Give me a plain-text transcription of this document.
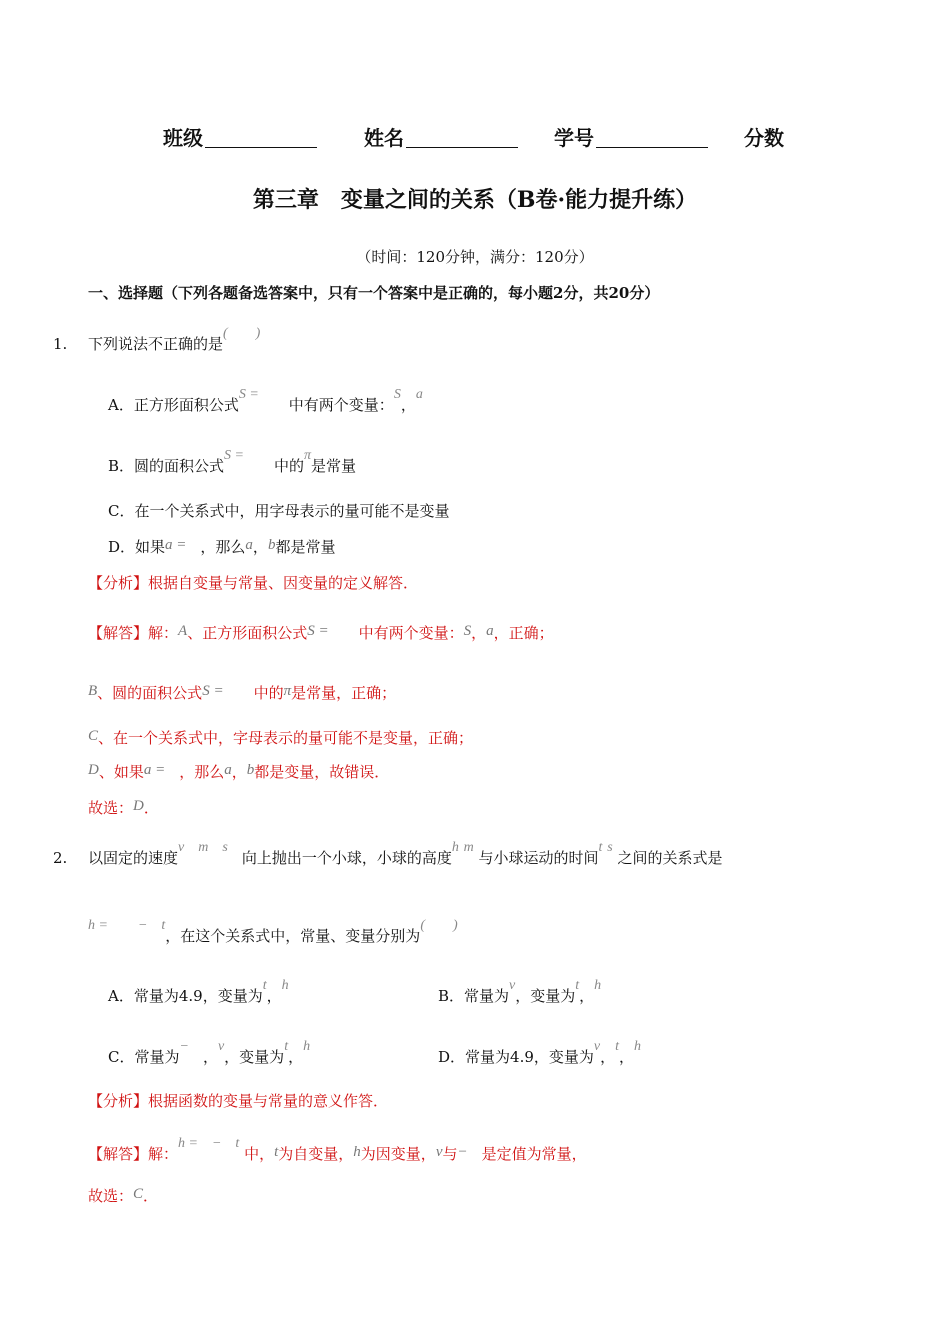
班级	姓名	学号	分数
第三章　变量之间的关系（B卷·能力提升练）
（时间：120分钟，满分：120分）
一、选择题（下列各题备选答案中，只有一个答案中是正确的，每小题2分，共20分）
1. 下列说法不正确的是(　　)
A．正方形面积公式S =中有两个变量：S，a
B．圆的面积公式S =中的π是常量
C．在一个关系式中，用字母表示的量可能不是变量
D．如果a = ，那么a，b都是常量
【分析】根据自变量与常量、因变量的定义解答．
【解答】解：A、正方形面积公式S = 中有两个变量：S，a，正确；
B、圆的面积公式S = 中的π是常量，正确；
C、在一个关系式中，字母表示的量可能不是变量，正确；
D、如果a = ，那么a，b都是变量，故错误．
故选：D．
2. 以固定的速度v m s向上抛出一个小球，小球的高度h m 与小球运动的时间t s 之间的关系式是
h = − t，在这个关系式中，常量、变量分别为(　　)
A．常量为4.9，变量为t，h
B．常量为v，变量为t，h
C．常量为−，v，变量为t，h
D．常量为4.9，变量为v，t，h
【分析】根据函数的变量与常量的意义作答．
【解答】解：h = − t 中，t为自变量，h为因变量，v与− 是定值为常量，
故选：C．
